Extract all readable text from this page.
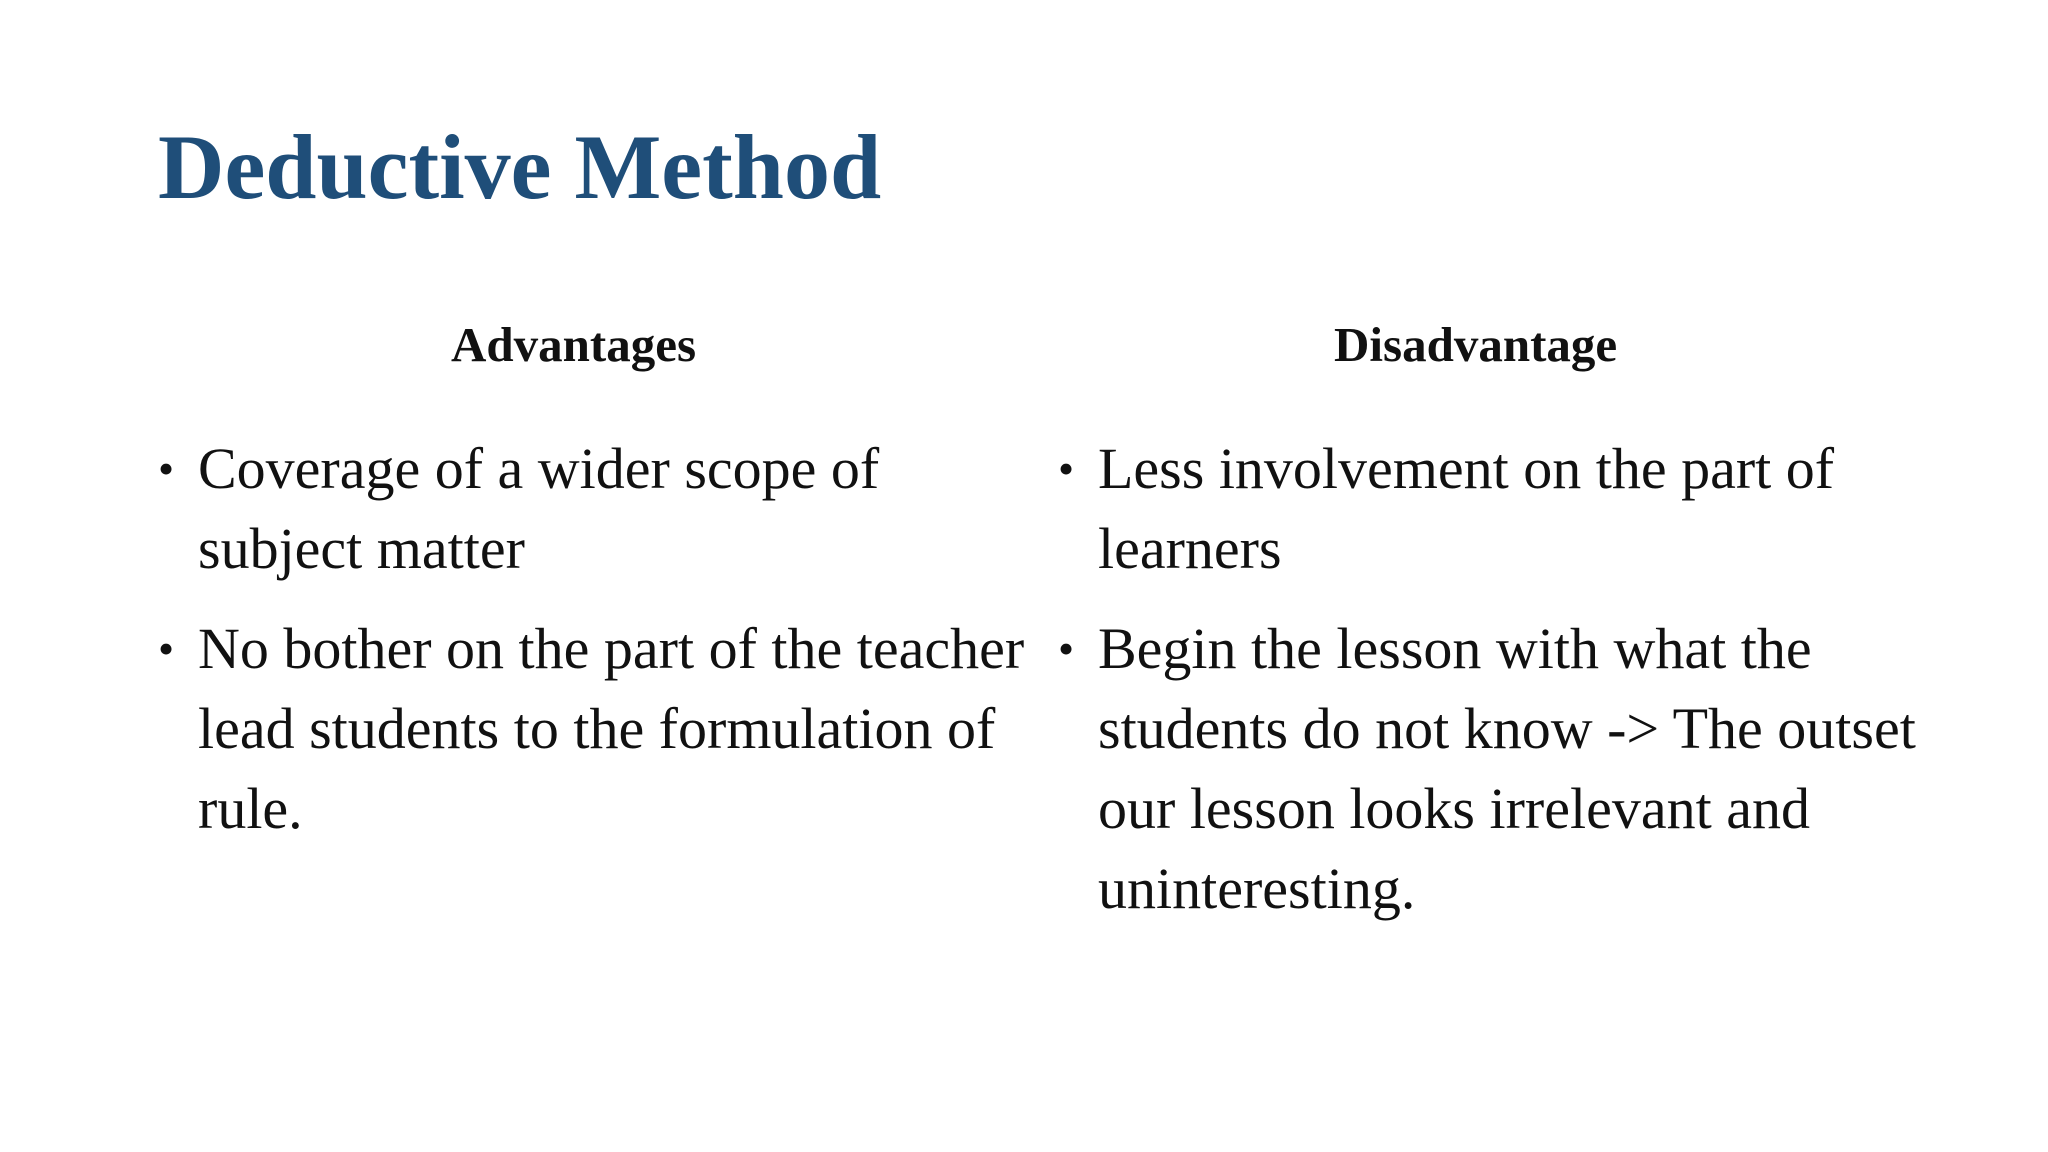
Deductive Method
Advantages
• Coverage of a wider scope of subject matter
• No bother on the part of the teacher lead students to the formulation of rule.
Disadvantage
• Less involvement on the part of learners
• Begin the lesson with what the students do not know -> The outset our lesson looks irrelevant and uninteresting.
